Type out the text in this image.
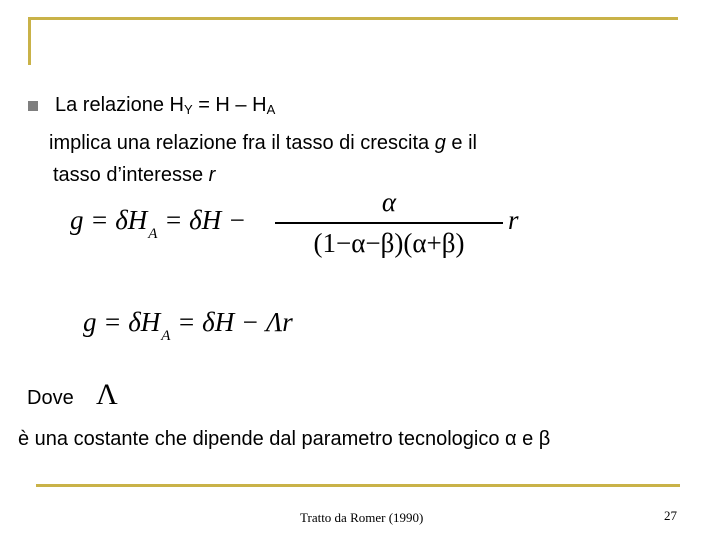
La relazione $H_Y = H - H_A$
implica una relazione fra il tasso di crescita g e il
tasso d’interesse r
$g = \delta H_A = \delta H$ −
α
(1−α−β)(α+β)
r
$g = \delta H_A = \delta H - \Lambda r$
Dove Λ
è una costante che dipende dal parametro tecnologico α e β
Tratto da Romer (1990)	27
